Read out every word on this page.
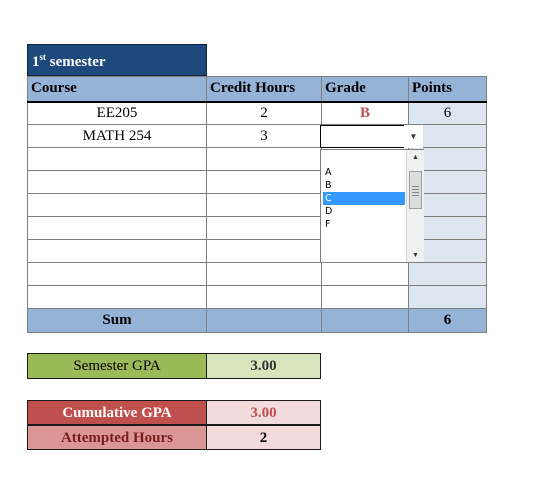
1st semester
Course	Credit Hours	Grade	Points
EE205	2	B	6
MATH 254	3		

Sum			6
▼
A
B
C
D
F
▲
▼
Semester GPA	3.00
Cumulative GPA	3.00
Attempted Hours	2
